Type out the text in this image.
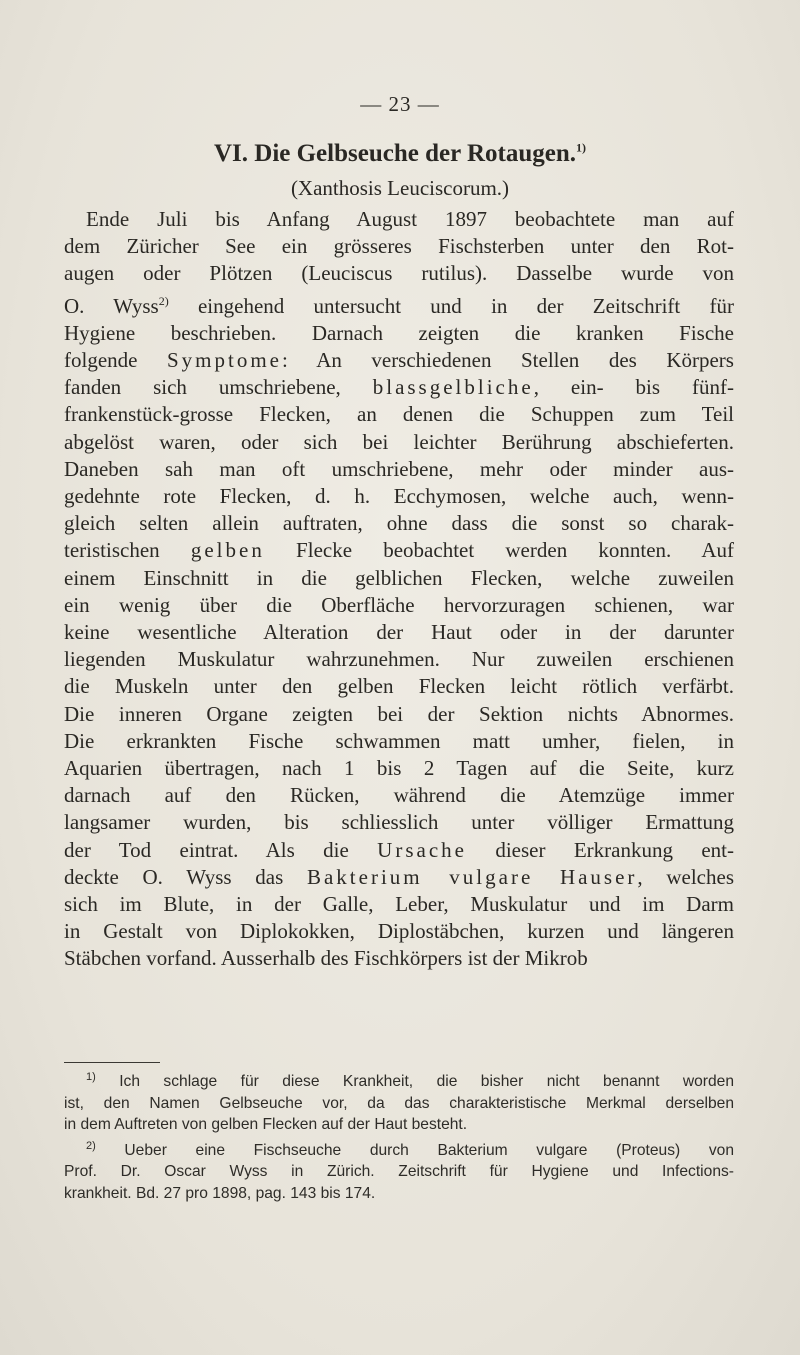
— 23 —
VI. Die Gelbseuche der Rotaugen.$^{1)}$
(Xanthosis Leuciscorum.)
Ende Juli bis Anfang August 1897 beobachtete man auf
dem Züricher See ein grösseres Fischsterben unter den Rot-
augen oder Plötzen (Leuciscus rutilus). Dasselbe wurde von
O. Wyss$^{2)}$ eingehend untersucht und in der Zeitschrift für
Hygiene beschrieben. Darnach zeigten die kranken Fische
folgende Symptome: An verschiedenen Stellen des Körpers
fanden sich umschriebene, blassgelbliche, ein- bis fünf-
frankenstück-grosse Flecken, an denen die Schuppen zum Teil
abgelöst waren, oder sich bei leichter Berührung abschieferten.
Daneben sah man oft umschriebene, mehr oder minder aus-
gedehnte rote Flecken, d. h. Ecchymosen, welche auch, wenn-
gleich selten allein auftraten, ohne dass die sonst so charak-
teristischen gelben Flecke beobachtet werden konnten. Auf
einem Einschnitt in die gelblichen Flecken, welche zuweilen
ein wenig über die Oberfläche hervorzuragen schienen, war
keine wesentliche Alteration der Haut oder in der darunter
liegenden Muskulatur wahrzunehmen. Nur zuweilen erschienen
die Muskeln unter den gelben Flecken leicht rötlich verfärbt.
Die inneren Organe zeigten bei der Sektion nichts Abnormes.
Die erkrankten Fische schwammen matt umher, fielen, in
Aquarien übertragen, nach 1 bis 2 Tagen auf die Seite, kurz
darnach auf den Rücken, während die Atemzüge immer
langsamer wurden, bis schliesslich unter völliger Ermattung
der Tod eintrat. Als die Ursache dieser Erkrankung ent-
deckte O. Wyss das Bakterium vulgare Hauser, welches
sich im Blute, in der Galle, Leber, Muskulatur und im Darm
in Gestalt von Diplokokken, Diplostäbchen, kurzen und längeren
Stäbchen vorfand. Ausserhalb des Fischkörpers ist der Mikrob
$^{1)}$ Ich schlage für diese Krankheit, die bisher nicht benannt worden
ist, den Namen Gelbseuche vor, da das charakteristische Merkmal derselben
in dem Auftreten von gelben Flecken auf der Haut besteht.
$^{2)}$ Ueber eine Fischseuche durch Bakterium vulgare (Proteus) von
Prof. Dr. Oscar Wyss in Zürich. Zeitschrift für Hygiene und Infections-
krankheit. Bd. 27 pro 1898, pag. 143 bis 174.
